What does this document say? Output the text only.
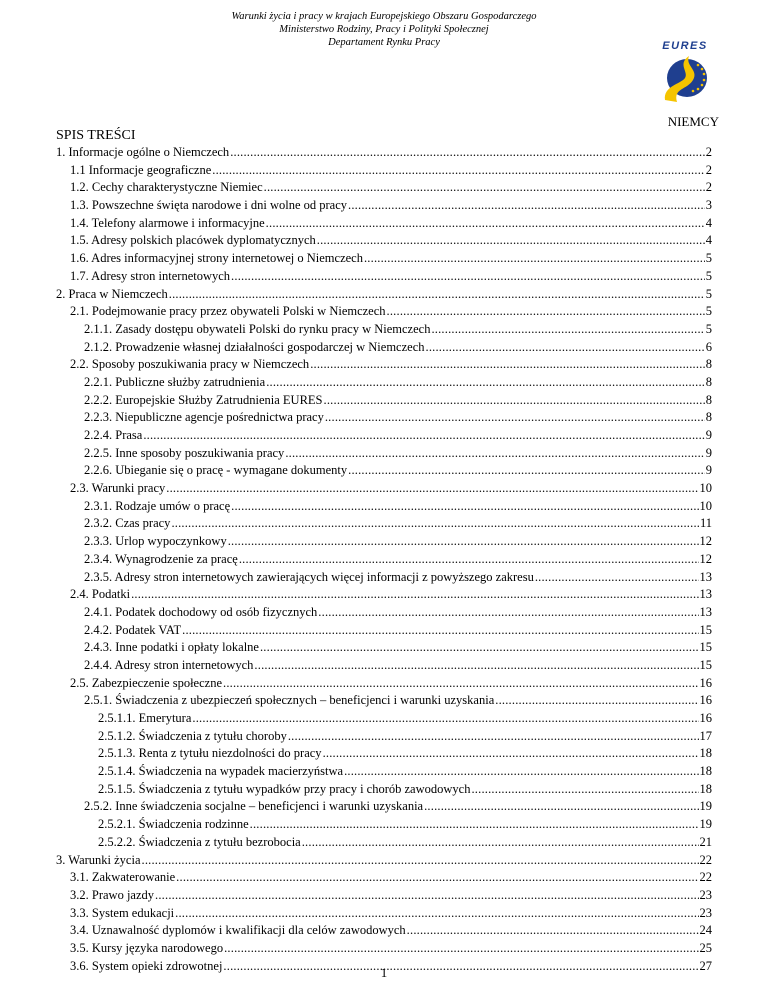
Warunki życia i pracy w krajach Europejskiego Obszaru Gospodarczego
Ministerstwo Rodziny, Pracy i Polityki Społecznej
Departament Rynku Pracy	EURES
NIEMCY
SPIS TREŚCI
1. Informacje ogólne o Niemczech .....	2
1.1 Informacje geograficzne .....	2
1.2. Cechy charakterystyczne Niemiec .....	2
1.3. Powszechne święta narodowe i dni wolne od pracy .....	3
1.4. Telefony alarmowe i informacyjne .....	4
1.5. Adresy polskich placówek dyplomatycznych .....	4
1.6. Adres informacyjnej strony internetowej o Niemczech .....	5
1.7. Adresy stron internetowych .....	5
2. Praca w Niemczech .....	5
2.1. Podejmowanie pracy przez obywateli Polski w Niemczech .....	5
2.1.1. Zasady dostępu obywateli Polski do rynku pracy w Niemczech .....	5
2.1.2. Prowadzenie własnej działalności gospodarczej w Niemczech .....	6
2.2. Sposoby poszukiwania pracy w Niemczech .....	8
2.2.1. Publiczne służby zatrudnienia .....	8
2.2.2. Europejskie Służby Zatrudnienia EURES .....	8
2.2.3. Niepubliczne agencje pośrednictwa pracy .....	8
2.2.4. Prasa .....	9
2.2.5. Inne sposoby poszukiwania pracy .....	9
2.2.6. Ubieganie się o pracę - wymagane dokumenty .....	9
2.3. Warunki pracy .....	10
2.3.1. Rodzaje umów o pracę .....	10
2.3.2. Czas pracy .....	11
2.3.3. Urlop wypoczynkowy .....	12
2.3.4. Wynagrodzenie za pracę .....	12
2.3.5. Adresy stron internetowych zawierających więcej informacji z powyższego zakresu .....	13
2.4. Podatki .....	13
2.4.1. Podatek dochodowy od osób fizycznych .....	13
2.4.2. Podatek VAT .....	15
2.4.3. Inne podatki i opłaty lokalne .....	15
2.4.4. Adresy stron internetowych .....	15
2.5. Zabezpieczenie społeczne .....	16
2.5.1. Świadczenia z ubezpieczeń społecznych – beneficjenci i warunki uzyskania .....	16
2.5.1.1. Emerytura .....	16
2.5.1.2. Świadczenia z tytułu choroby .....	17
2.5.1.3. Renta z tytułu niezdolności do pracy .....	18
2.5.1.4. Świadczenia na wypadek macierzyństwa .....	18
2.5.1.5. Świadczenia z tytułu wypadków przy pracy i chorób zawodowych .....	18
2.5.2. Inne świadczenia socjalne – beneficjenci i warunki uzyskania .....	19
2.5.2.1. Świadczenia rodzinne .....	19
2.5.2.2. Świadczenia z tytułu bezrobocia .....	21
3. Warunki życia .....	22
3.1. Zakwaterowanie .....	22
3.2. Prawo jazdy .....	23
3.3. System edukacji .....	23
3.4. Uznawalność dyplomów i kwalifikacji dla celów zawodowych .....	24
3.5. Kursy języka narodowego .....	25
3.6. System opieki zdrowotnej .....	27
1
